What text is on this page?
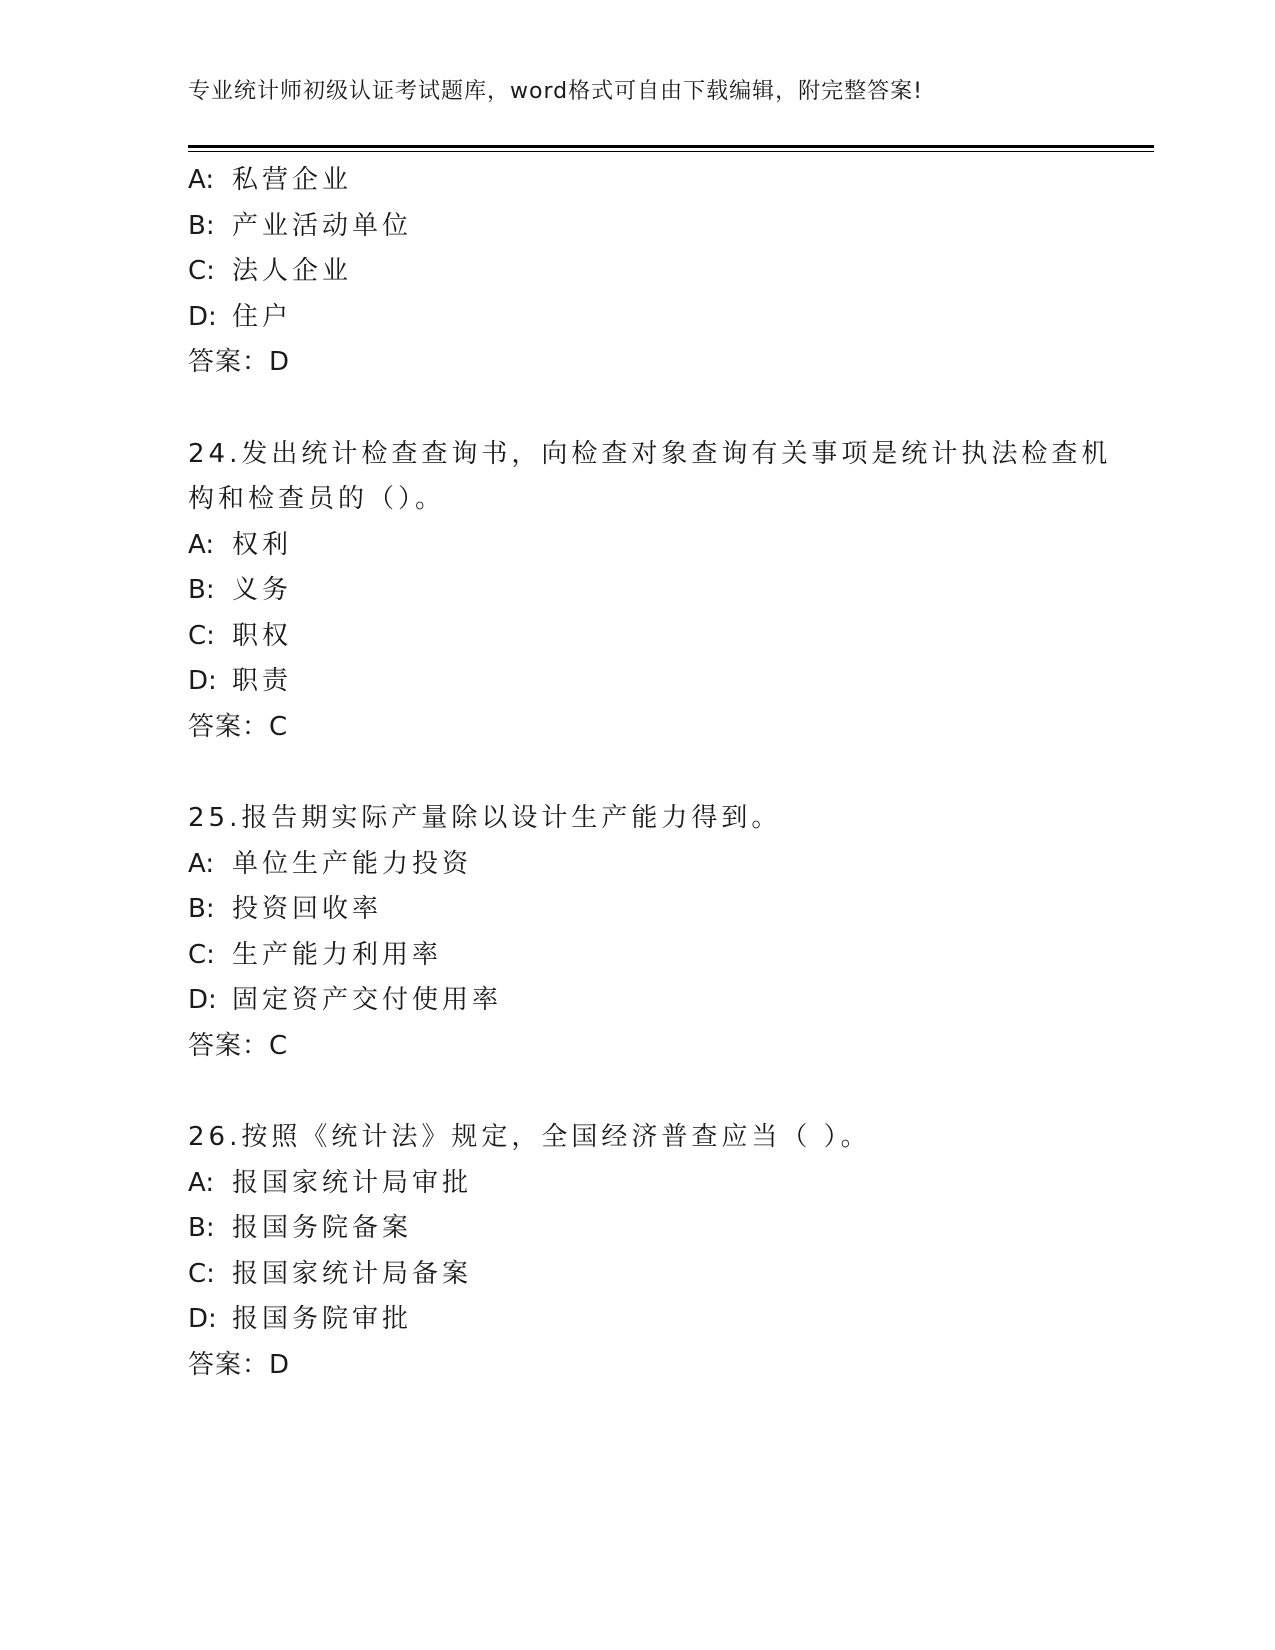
专业统计师初级认证考试题库，word格式可自由下载编辑，附完整答案!
A: 私营企业
B: 产业活动单位
C: 法人企业
D: 住户
答案：D
24.发出统计检查查询书，向检查对象查询有关事项是统计执法检查机
构和检查员的（）。
A: 权利
B: 义务
C: 职权
D: 职责
答案：C
25.报告期实际产量除以设计生产能力得到。
A: 单位生产能力投资
B: 投资回收率
C: 生产能力利用率
D: 固定资产交付使用率
答案：C
26.按照《统计法》规定，全国经济普查应当（ ）。
A: 报国家统计局审批
B: 报国务院备案
C: 报国家统计局备案
D: 报国务院审批
答案：D
